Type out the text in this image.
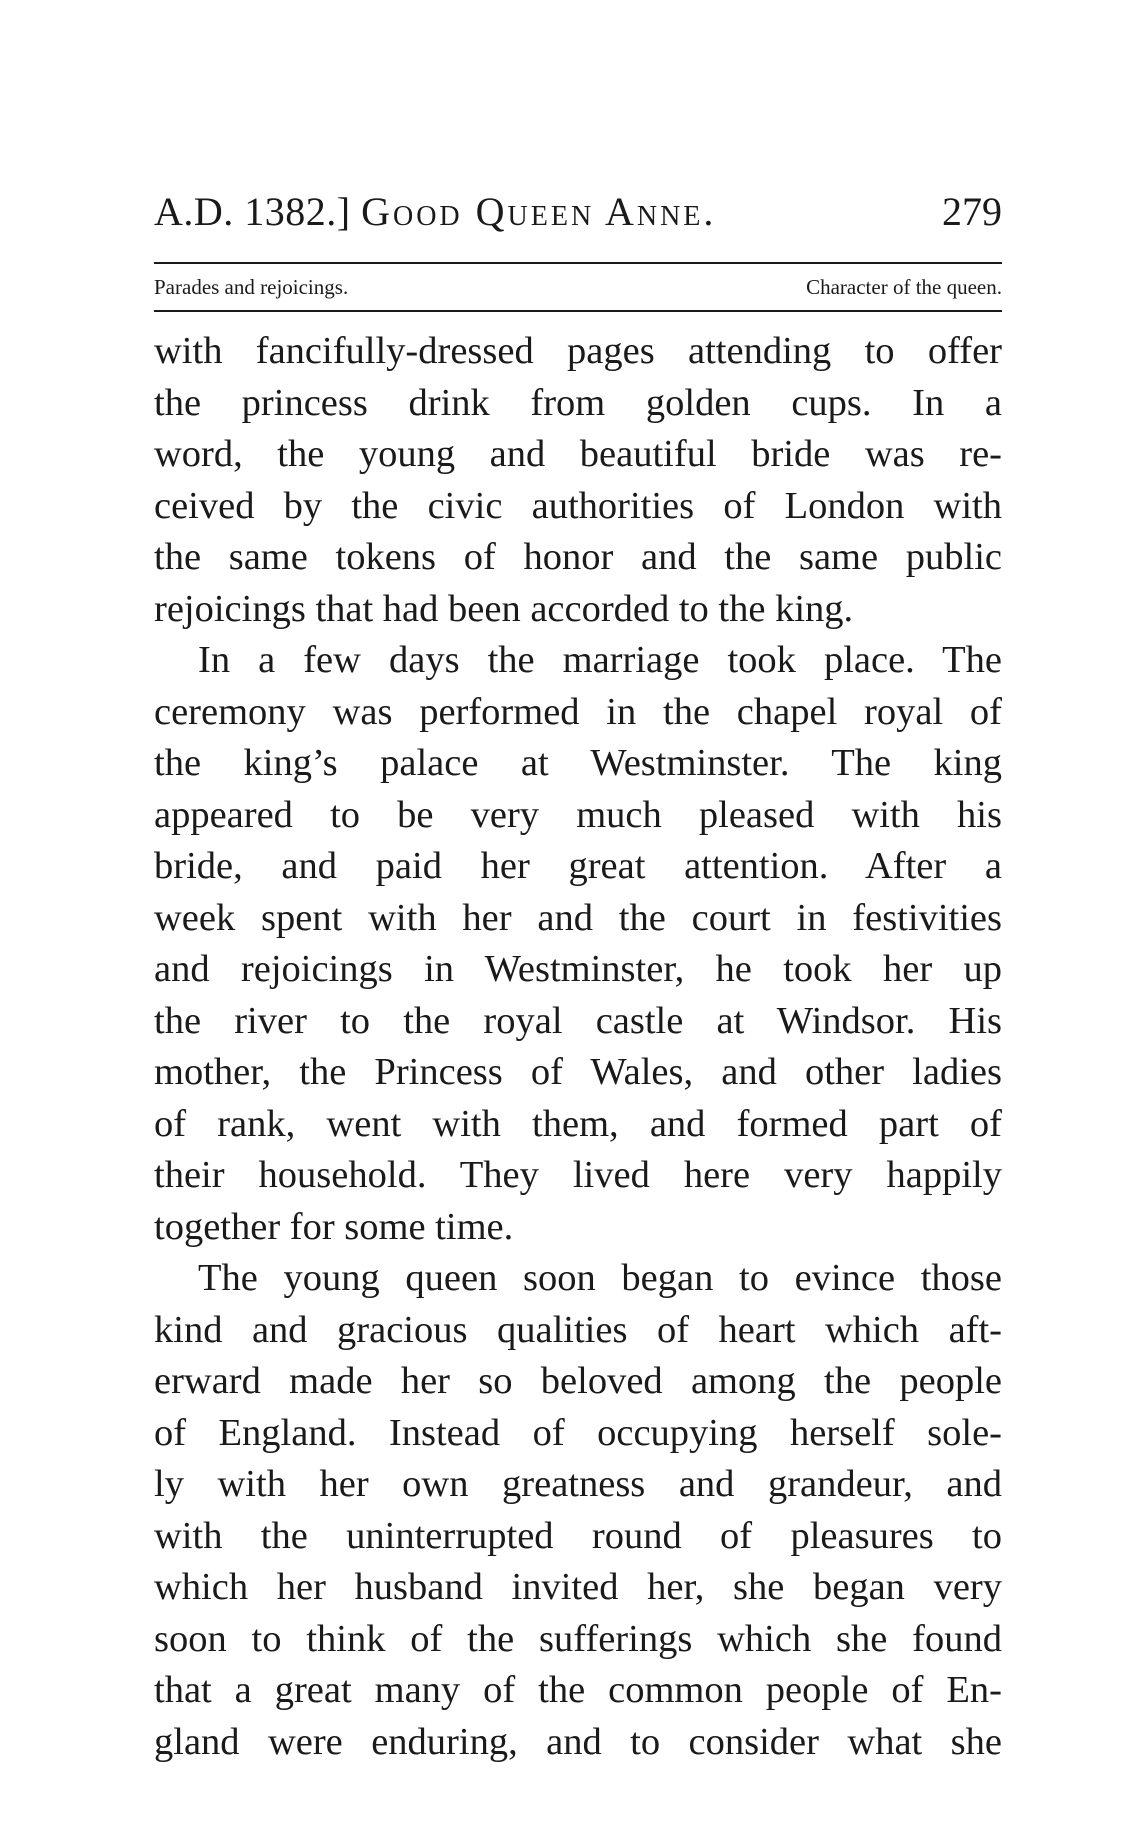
A.D. 1382.] Good Queen Anne.	279
Parades and rejoicings.	Character of the queen.
with fancifully-dressed pages attending to offer
the princess drink from golden cups. In a
word, the young and beautiful bride was re-
ceived by the civic authorities of London with
the same tokens of honor and the same public
rejoicings that had been accorded to the king.
In a few days the marriage took place. The
ceremony was performed in the chapel royal of
the king’s palace at Westminster. The king
appeared to be very much pleased with his
bride, and paid her great attention. After a
week spent with her and the court in festivities
and rejoicings in Westminster, he took her up
the river to the royal castle at Windsor. His
mother, the Princess of Wales, and other ladies
of rank, went with them, and formed part of
their household. They lived here very happily
together for some time.
The young queen soon began to evince those
kind and gracious qualities of heart which aft-
erward made her so beloved among the people
of England. Instead of occupying herself sole-
ly with her own greatness and grandeur, and
with the uninterrupted round of pleasures to
which her husband invited her, she began very
soon to think of the sufferings which she found
that a great many of the common people of En-
gland were enduring, and to consider what she
